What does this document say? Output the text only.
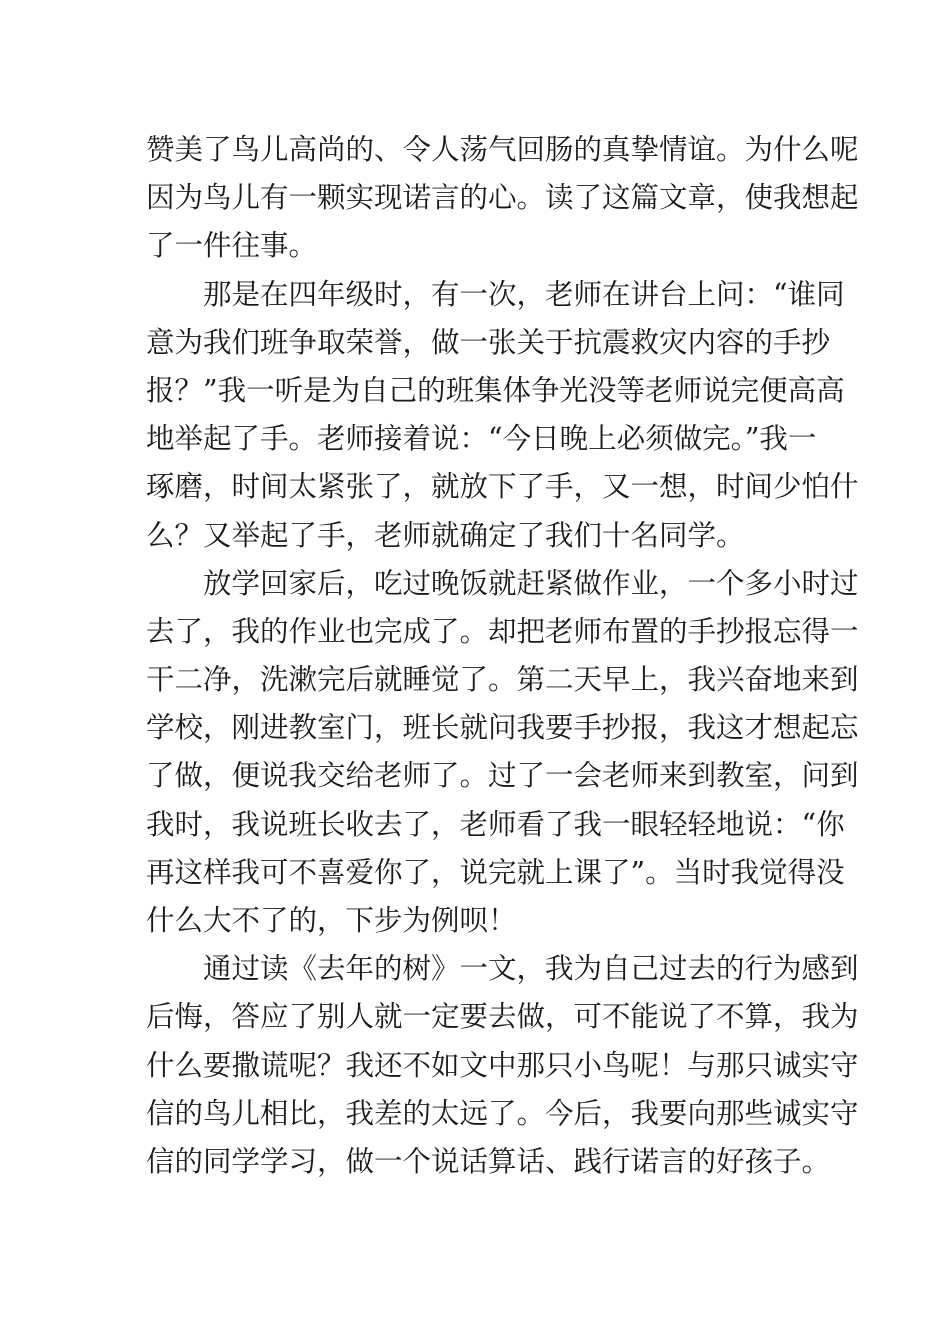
赞美了鸟儿高尚的、令人荡气回肠的真挚情谊。为什么呢
因为鸟儿有一颗实现诺言的心。读了这篇文章，使我想起
了一件往事。
那是在四年级时，有一次，老师在讲台上问：“谁同
意为我们班争取荣誉，做一张关于抗震救灾内容的手抄
报？”我一听是为自己的班集体争光没等老师说完便高高
地举起了手。老师接着说：“今日晚上必须做完。”我一
琢磨，时间太紧张了，就放下了手，又一想，时间少怕什
么？又举起了手，老师就确定了我们十名同学。
放学回家后，吃过晚饭就赶紧做作业，一个多小时过
去了，我的作业也完成了。却把老师布置的手抄报忘得一
干二净，洗漱完后就睡觉了。第二天早上，我兴奋地来到
学校，刚进教室门，班长就问我要手抄报，我这才想起忘
了做，便说我交给老师了。过了一会老师来到教室，问到
我时，我说班长收去了，老师看了我一眼轻轻地说：“你
再这样我可不喜爱你了，说完就上课了”。当时我觉得没
什么大不了的，下步为例呗！
通过读《去年的树》一文，我为自己过去的行为感到
后悔，答应了别人就一定要去做，可不能说了不算，我为
什么要撒谎呢？我还不如文中那只小鸟呢！与那只诚实守
信的鸟儿相比，我差的太远了。今后，我要向那些诚实守
信的同学学习，做一个说话算话、践行诺言的好孩子。
